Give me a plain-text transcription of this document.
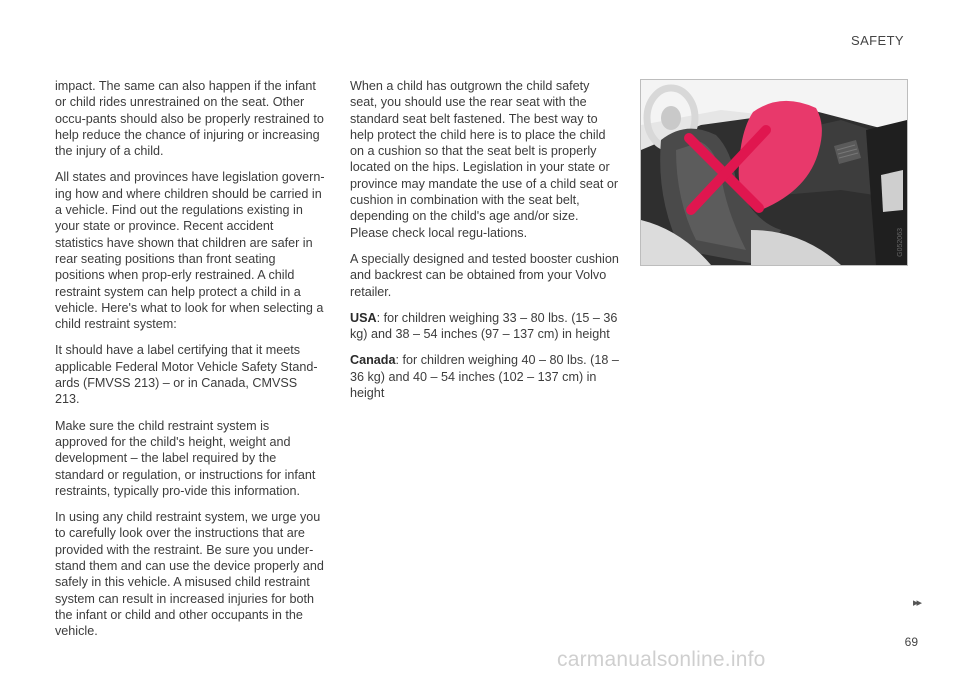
SAFETY

impact. The same can also happen if the infant or child rides unrestrained on the seat. Other occu-pants should also be properly restrained to help reduce the chance of injuring or increasing the injury of a child.

All states and provinces have legislation govern-ing how and where children should be carried in a vehicle. Find out the regulations existing in your state or province. Recent accident statistics have shown that children are safer in rear seating positions than front seating positions when prop-erly restrained. A child restraint system can help protect a child in a vehicle. Here's what to look for when selecting a child restraint system:

It should have a label certifying that it meets applicable Federal Motor Vehicle Safety Stand-ards (FMVSS 213) – or in Canada, CMVSS 213.

Make sure the child restraint system is approved for the child's height, weight and development – the label required by the standard or regulation, or instructions for infant restraints, typically pro-vide this information.

In using any child restraint system, we urge you to carefully look over the instructions that are provided with the restraint. Be sure you under-stand them and can use the device properly and safely in this vehicle. A misused child restraint system can result in increased injuries for both the infant or child and other occupants in the vehicle.

When a child has outgrown the child safety seat, you should use the rear seat with the standard seat belt fastened. The best way to help protect the child here is to place the child on a cushion so that the seat belt is properly located on the hips. Legislation in your state or province may mandate the use of a child seat or cushion in combination with the seat belt, depending on the child's age and/or size. Please check local regu-lations.

A specially designed and tested booster cushion and backrest can be obtained from your Volvo retailer.

USA: for children weighing 33 – 80 lbs. (15 – 36 kg) and 38 – 54 inches (97 – 137 cm) in height
Canada: for children weighing 40 – 80 lbs. (18 – 36 kg) and 40 – 54 inches (102 – 137 cm) in height
G052063
▸▸
69
carmanualsonline.info
